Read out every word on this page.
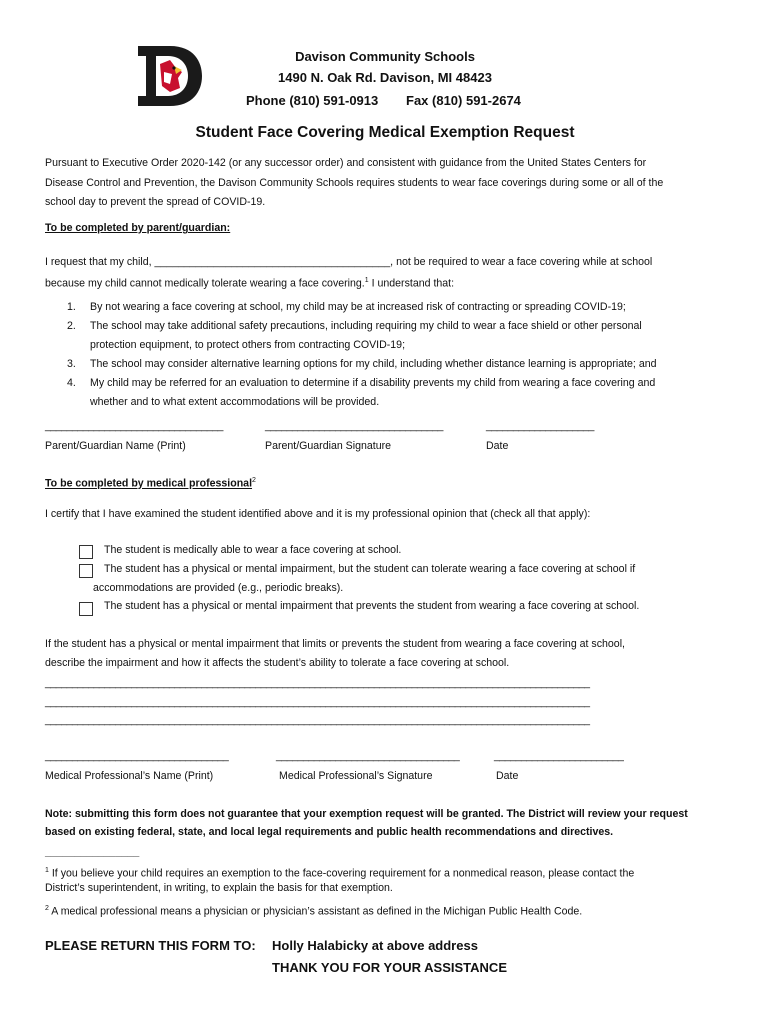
Davison Community Schools
1490 N. Oak Rd. Davison, MI 48423
Phone (810) 591-0913 Fax (810) 591-2674
Student Face Covering Medical Exemption Request
Pursuant to Executive Order 2020-142 (or any successor order) and consistent with guidance from the United States Centers for
Disease Control and Prevention, the Davison Community Schools requires students to wear face coverings during some or all of the
school day to prevent the spread of COVID-19.
To be completed by parent/guardian:
I request that my child, ________________________________________, not be required to wear a face covering while at school
because my child cannot medically tolerate wearing a face covering.$^1$ I understand that:
1. By not wearing a face covering at school, my child may be at increased risk of contracting or spreading COVID-19;
2. The school may take additional safety precautions, including requiring my child to wear a face shield or other personal
protection equipment, to protect others from contracting COVID-19;
3. The school may consider alternative learning options for my child, including whether distance learning is appropriate; and
4. My child may be referred for an evaluation to determine if a disability prevents my child from wearing a face covering and
whether and to what extent accommodations will be provided.
_________________________________	_________________________________	____________________
Parent/Guardian Name (Print)	Parent/Guardian Signature	Date
To be completed by medical professional$^2$
I certify that I have examined the student identified above and it is my professional opinion that (check all that apply):
The student is medically able to wear a face covering at school.
The student has a physical or mental impairment, but the student can tolerate wearing a face covering at school if
accommodations are provided (e.g., periodic breaks).
The student has a physical or mental impairment that prevents the student from wearing a face covering at school.
If the student has a physical or mental impairment that limits or prevents the student from wearing a face covering at school,
describe the impairment and how it affects the student’s ability to tolerate a face covering at school.
_____________________________________________________________________________________________________
_____________________________________________________________________________________________________
_____________________________________________________________________________________________________
__________________________________	__________________________________	________________________
Medical Professional’s Name (Print)	Medical Professional’s Signature	Date
Note: submitting this form does not guarantee that your exemption request will be granted. The District will review your request
based on existing federal, state, and local legal requirements and public health recommendations and directives.
________________
$^1$ If you believe your child requires an exemption to the face-covering requirement for a nonmedical reason, please contact the
District’s superintendent, in writing, to explain the basis for that exemption.
$^2$ A medical professional means a physician or physician’s assistant as defined in the Michigan Public Health Code.
PLEASE RETURN THIS FORM TO: Holly Halabicky at above address
THANK YOU FOR YOUR ASSISTANCE
